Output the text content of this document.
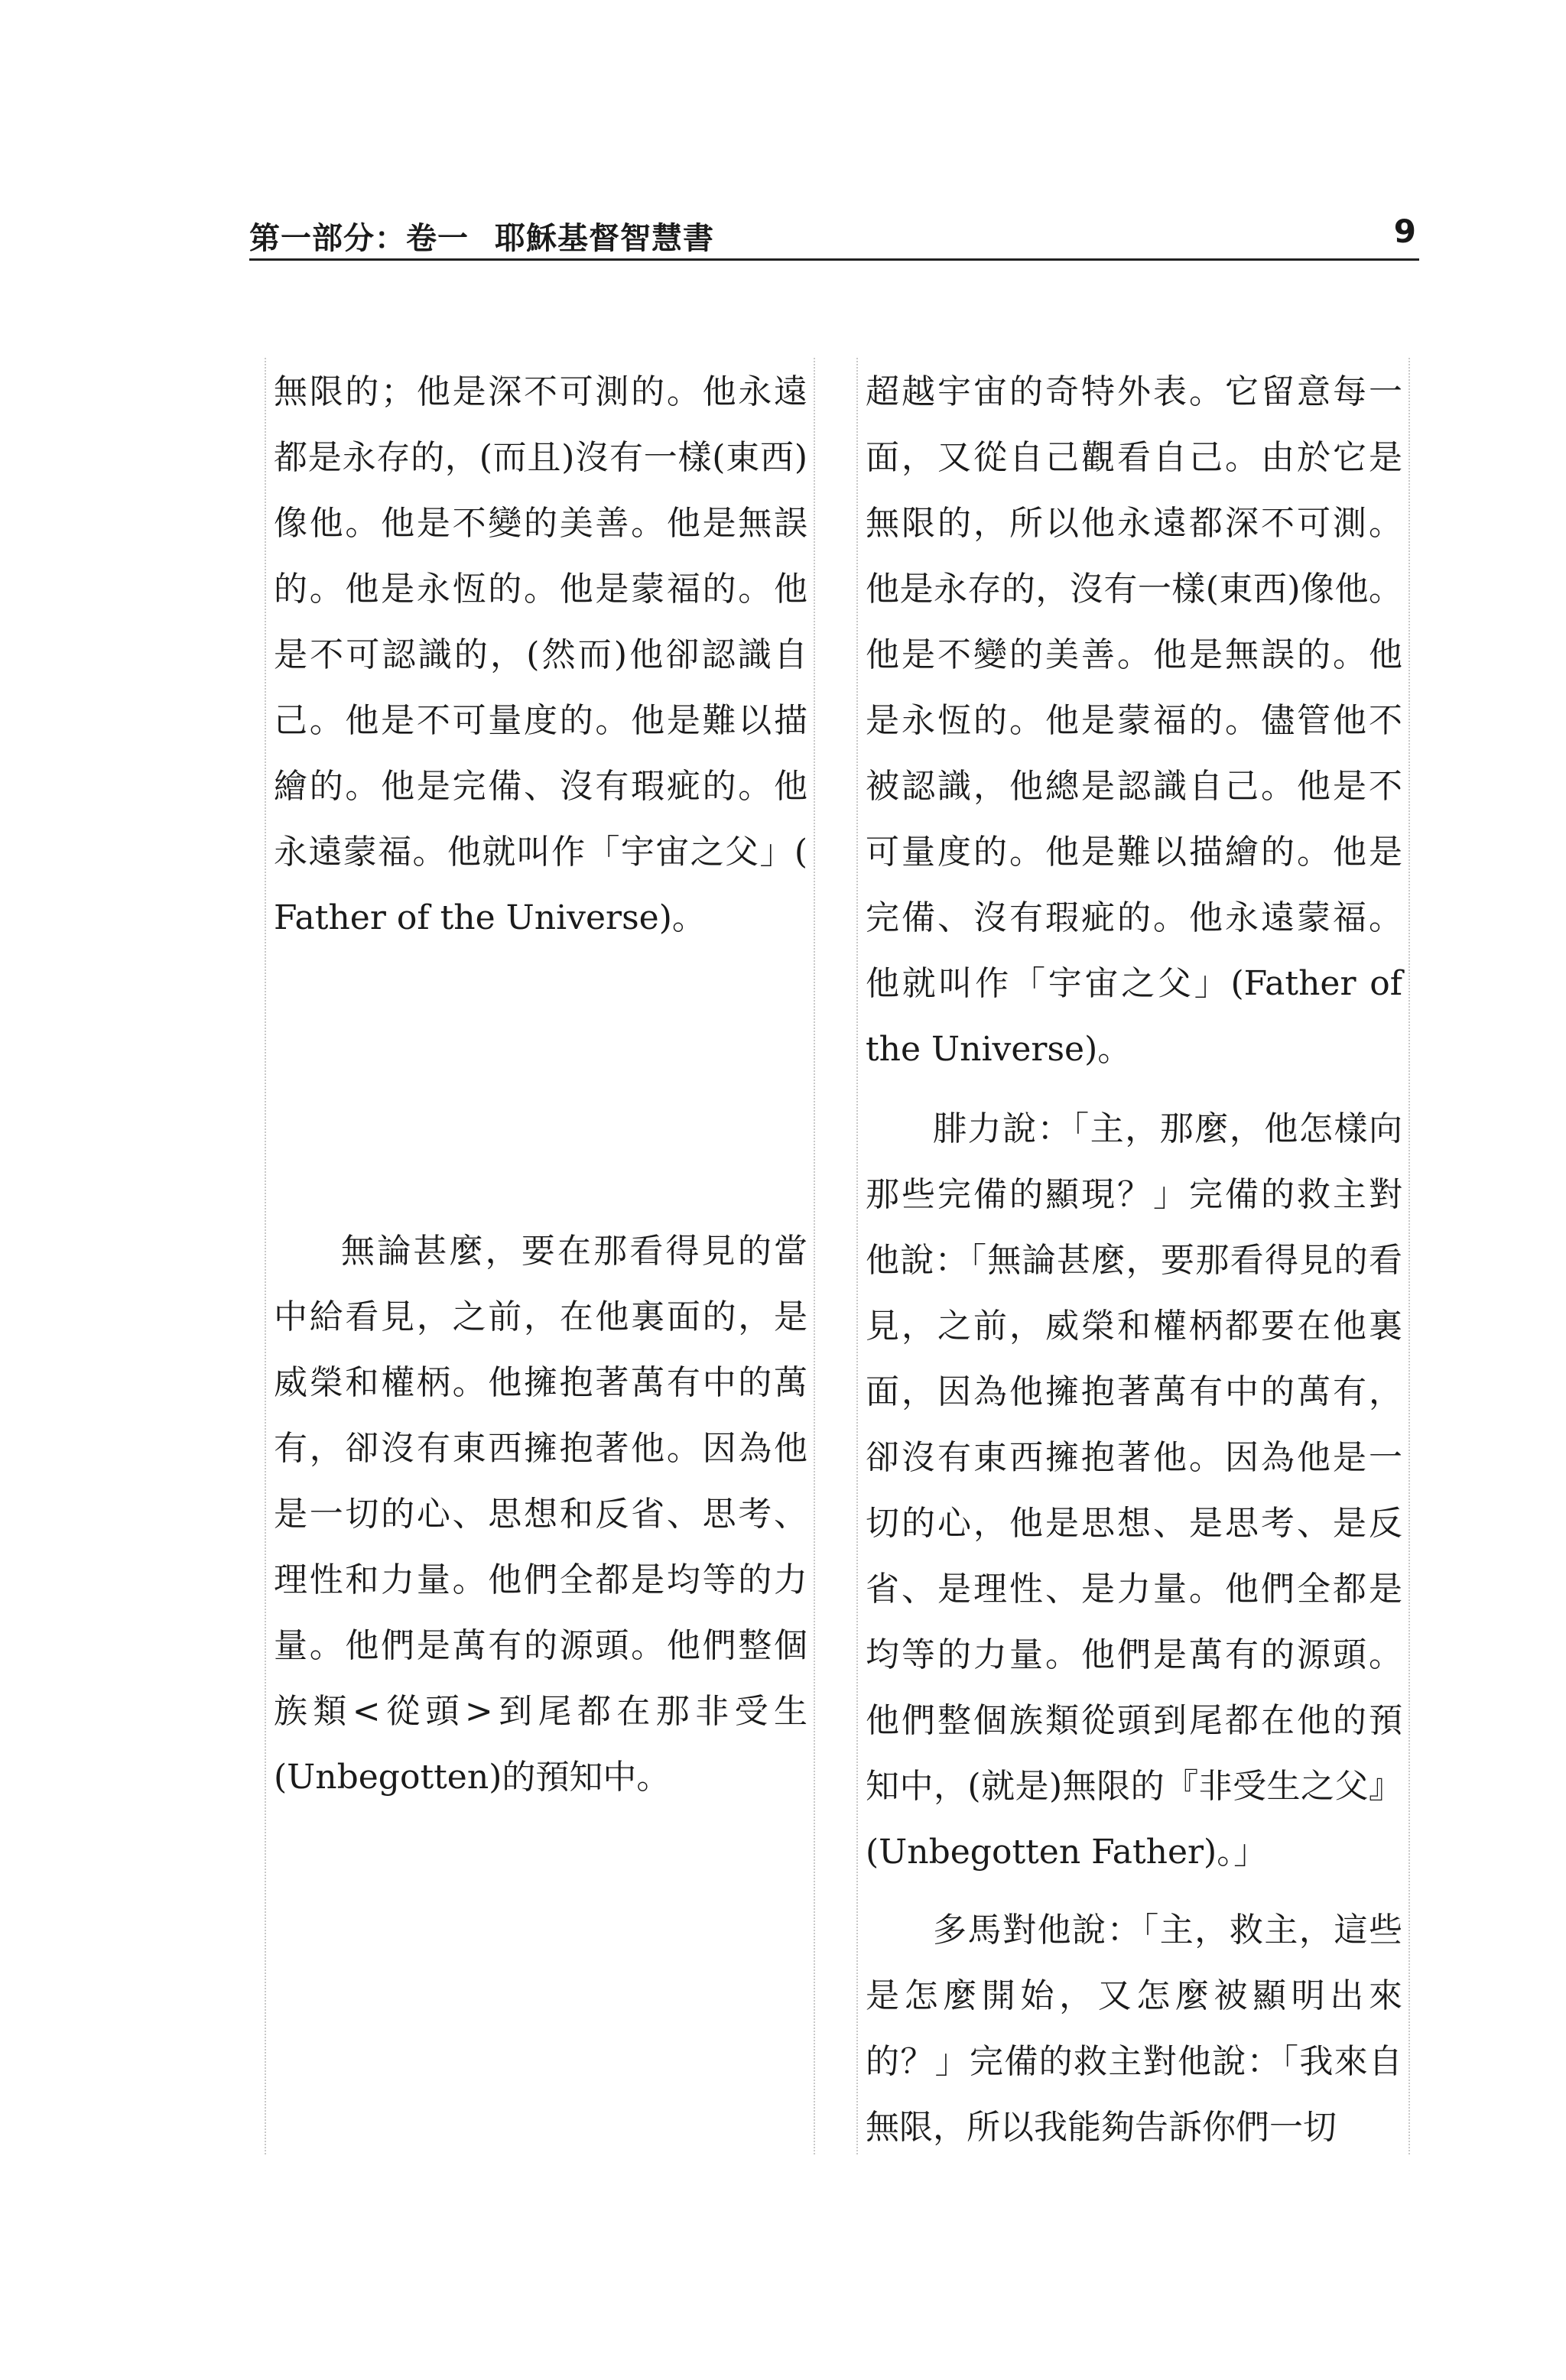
第一部分：卷一 耶穌基督智慧書	9

無限的；他是深不可測的。他永遠都是永存的，(而且)沒有一樣(東西)像他。他是不變的美善。他是無誤的。他是永恆的。他是蒙福的。他是不可認識的，(然而)他卻認識自己。他是不可量度的。他是難以描繪的。他是完備、沒有瑕疵的。他永遠蒙福。他就叫作「宇宙之父」( Father of the Universe)。

無論甚麼，要在那看得見的當中給看見，之前，在他裏面的，是威榮和權柄。他擁抱著萬有中的萬有，卻沒有東西擁抱著他。因為他是一切的心、思想和反省、思考、理性和力量。他們全都是均等的力量。他們是萬有的源頭。他們整個族類<從頭>到尾都在那非受生(Unbegotten)的預知中。

超越宇宙的奇特外表。它留意每一面，又從自己觀看自己。由於它是無限的，所以他永遠都深不可測。他是永存的，沒有一樣(東西)像他。他是不變的美善。他是無誤的。他是永恆的。他是蒙福的。儘管他不被認識，他總是認識自己。他是不可量度的。他是難以描繪的。他是完備、沒有瑕疵的。他永遠蒙福。他就叫作「宇宙之父」(Father of the Universe)。

腓力說：「主，那麼，他怎樣向那些完備的顯現？」完備的救主對他說：「無論甚麼，要那看得見的看見，之前，威榮和權柄都要在他裏面，因為他擁抱著萬有中的萬有，卻沒有東西擁抱著他。因為他是一切的心，他是思想、是思考、是反省、是理性、是力量。他們全都是均等的力量。他們是萬有的源頭。他們整個族類從頭到尾都在他的預知中，(就是)無限的『非受生之父』(Unbegotten Father)。」

多馬對他說：「主，救主，這些是怎麼開始，又怎麼被顯明出來的？」完備的救主對他說：「我來自無限，所以我能夠告訴你們一切
